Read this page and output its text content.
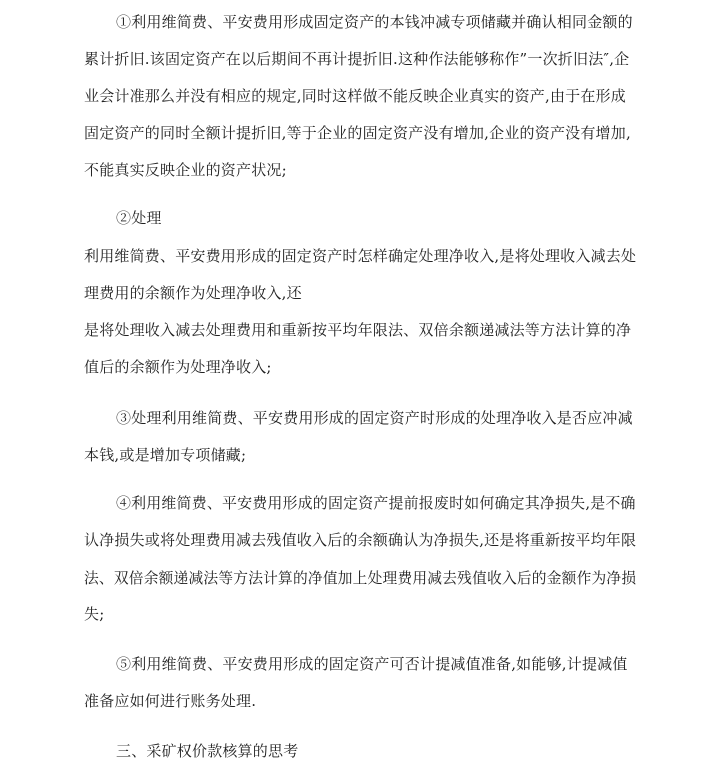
①利用维简费、平安费用形成固定资产的本钱冲减专项储藏并确认相同金额的
累计折旧.该固定资产在以后期间不再计提折旧.这种作法能够称作”一次折旧法″,企
业会计准那么并没有相应的规定,同时这样做不能反映企业真实的资产,由于在形成
固定资产的同时全额计提折旧,等于企业的固定资产没有增加,企业的资产没有增加,
不能真实反映企业的资产状况;
②处理
利用维简费、平安费用形成的固定资产时怎样确定处理净收入,是将处理收入减去处
理费用的余额作为处理净收入,还
是将处理收入减去处理费用和重新按平均年限法、双倍余额递减法等方法计算的净
值后的余额作为处理净收入;
③处理利用维简费、平安费用形成的固定资产时形成的处理净收入是否应冲减
本钱,或是增加专项储藏;
④利用维简费、平安费用形成的固定资产提前报废时如何确定其净损失,是不确
认净损失或将处理费用减去残值收入后的余额确认为净损失,还是将重新按平均年限
法、双倍余额递减法等方法计算的净值加上处理费用减去残值收入后的金额作为净损
失;
⑤利用维简费、平安费用形成的固定资产可否计提减值准备,如能够,计提减值
准备应如何进行账务处理.
三、采矿权价款核算的思考
